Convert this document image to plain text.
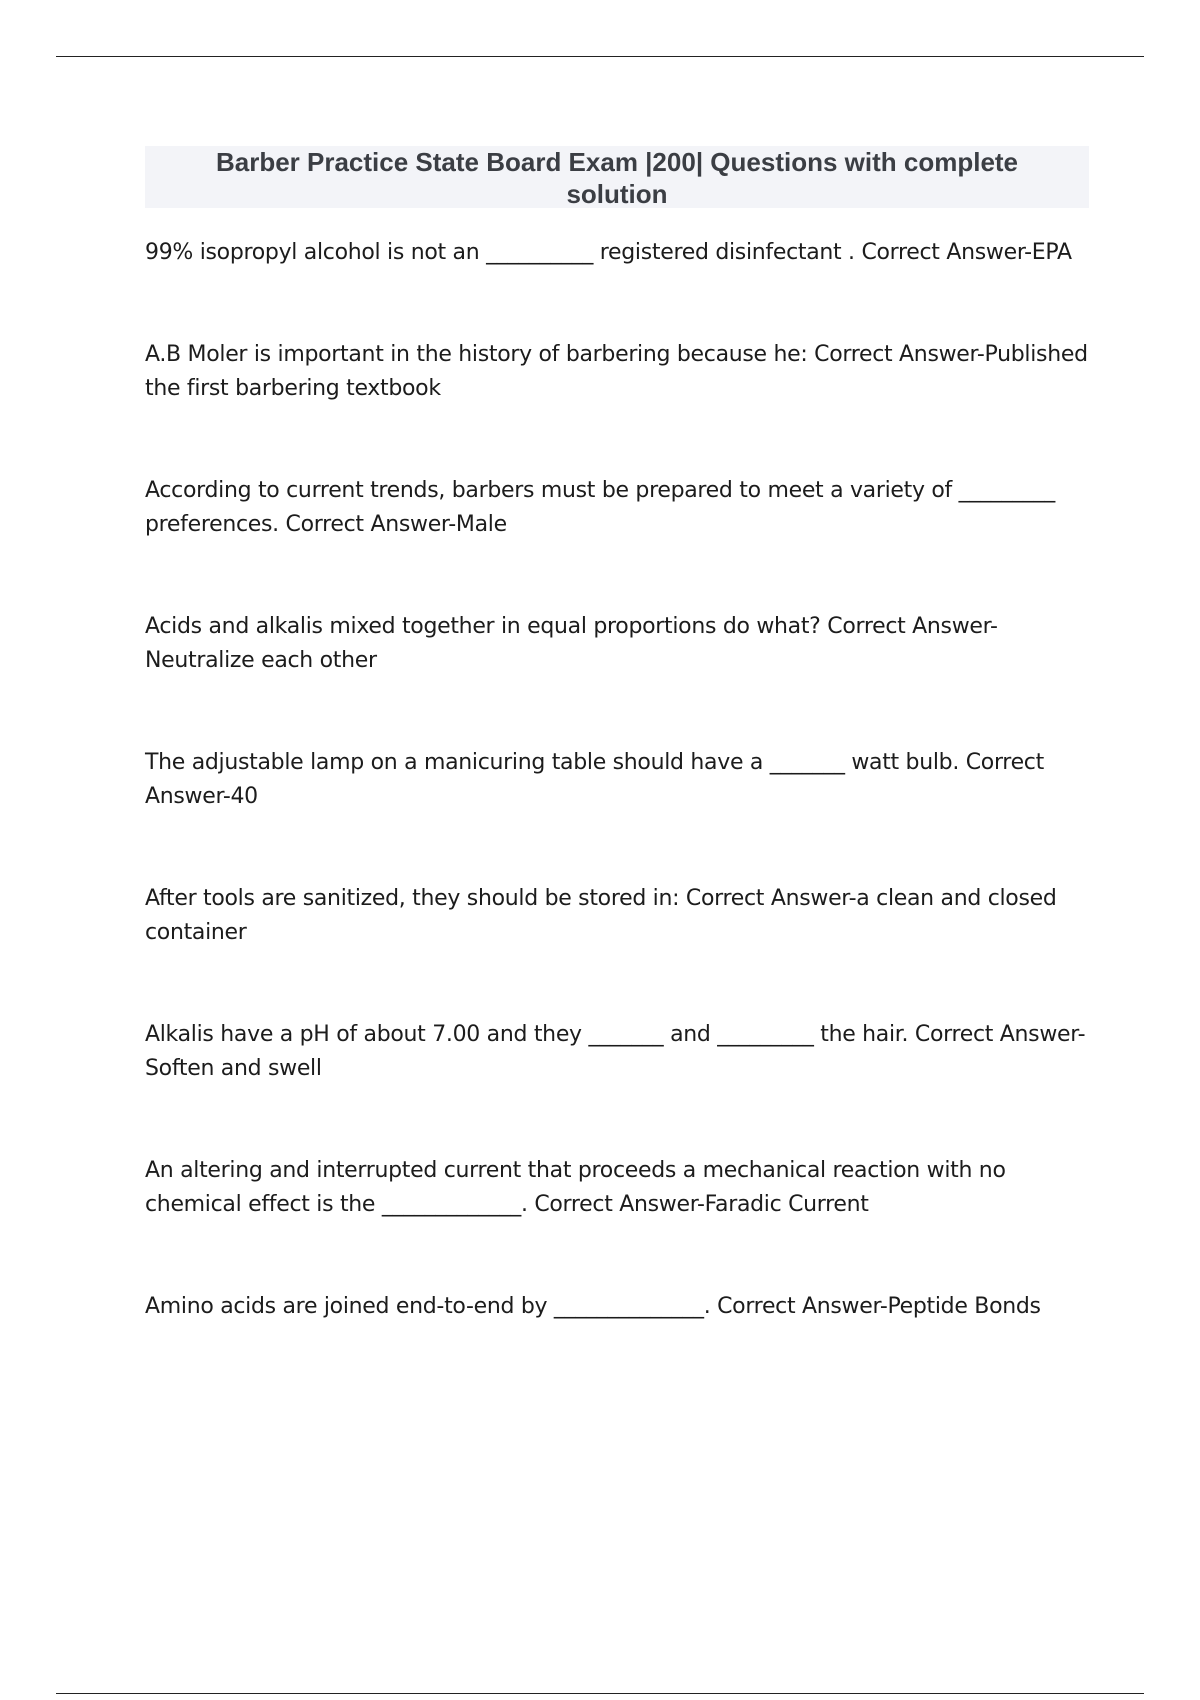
Barber Practice State Board Exam |200| Questions with complete solution

99% isopropyl alcohol is not an __________ registered disinfectant . Correct Answer-EPA

A.B Moler is important in the history of barbering because he: Correct Answer-Published the first barbering textbook

According to current trends, barbers must be prepared to meet a variety of _________ preferences. Correct Answer-Male

Acids and alkalis mixed together in equal proportions do what? Correct Answer-Neutralize each other

The adjustable lamp on a manicuring table should have a _______ watt bulb. Correct Answer-40

After tools are sanitized, they should be stored in: Correct Answer-a clean and closed container

Alkalis have a pH of about 7.00 and they _______ and _________ the hair. Correct Answer-Soften and swell

An altering and interrupted current that proceeds a mechanical reaction with no chemical effect is the _____________. Correct Answer-Faradic Current

Amino acids are joined end-to-end by ______________. Correct Answer-Peptide Bonds
